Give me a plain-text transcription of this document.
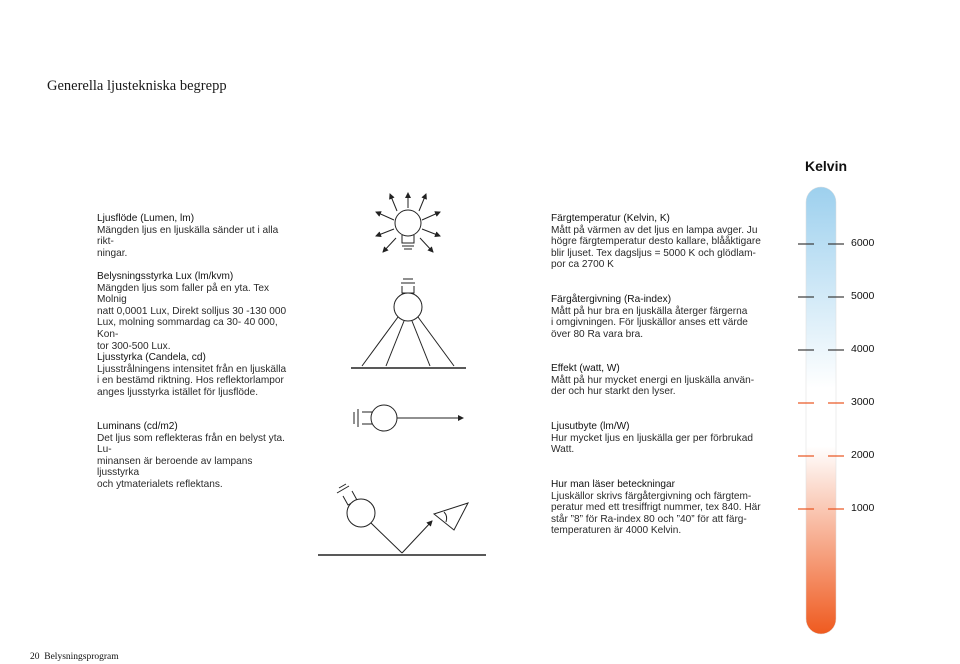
Generella ljustekniska begrepp
Ljusflöde (Lumen, lm)
Mängden ljus en ljuskälla sänder ut i alla rikt-
ningar.
Belysningsstyrka Lux (lm/kvm)
Mängden ljus som faller på en yta. Tex Molnig
natt 0,0001 Lux, Direkt solljus 30 -130 000
Lux, molning sommardag ca 30- 40 000, Kon-
tor 300-500 Lux.
Ljusstyrka (Candela, cd)
Ljusstrålningens intensitet från en ljuskälla
i en bestämd riktning. Hos reflektorlampor
anges ljusstyrka istället för ljusflöde.
Luminans (cd/m2)
Det ljus som reflekteras från en belyst yta. Lu-
minansen är beroende av lampans ljusstyrka
och ytmaterialets reflektans.
Färgtemperatur (Kelvin, K)
Mått på värmen av det ljus en lampa avger. Ju
högre färgtemperatur desto kallare, blååktigare
blir ljuset. Tex dagsljus = 5000 K och glödlam-
por ca 2700 K
Färgåtergivning (Ra-index)
Mått på hur bra en ljuskälla återger färgerna
i omgivningen. För ljuskällor anses ett värde
över 80 Ra vara bra.
Effekt (watt, W)
Mått på hur mycket energi en ljuskälla använ-
der och hur starkt den lyser.
Ljusutbyte (lm/W)
Hur mycket ljus en ljuskälla ger per förbrukad
Watt.
Hur man läser beteckningar
Ljuskällor skrivs färgåtergivning och färgtem-
peratur med ett tresiffrigt nummer, tex 840. Här
står ”8” för Ra-index 80 och ”40” för att färg-
temperaturen är 4000 Kelvin.
Kelvin
6000
5000
4000
3000
2000
1000
20 Belysningsprogram
